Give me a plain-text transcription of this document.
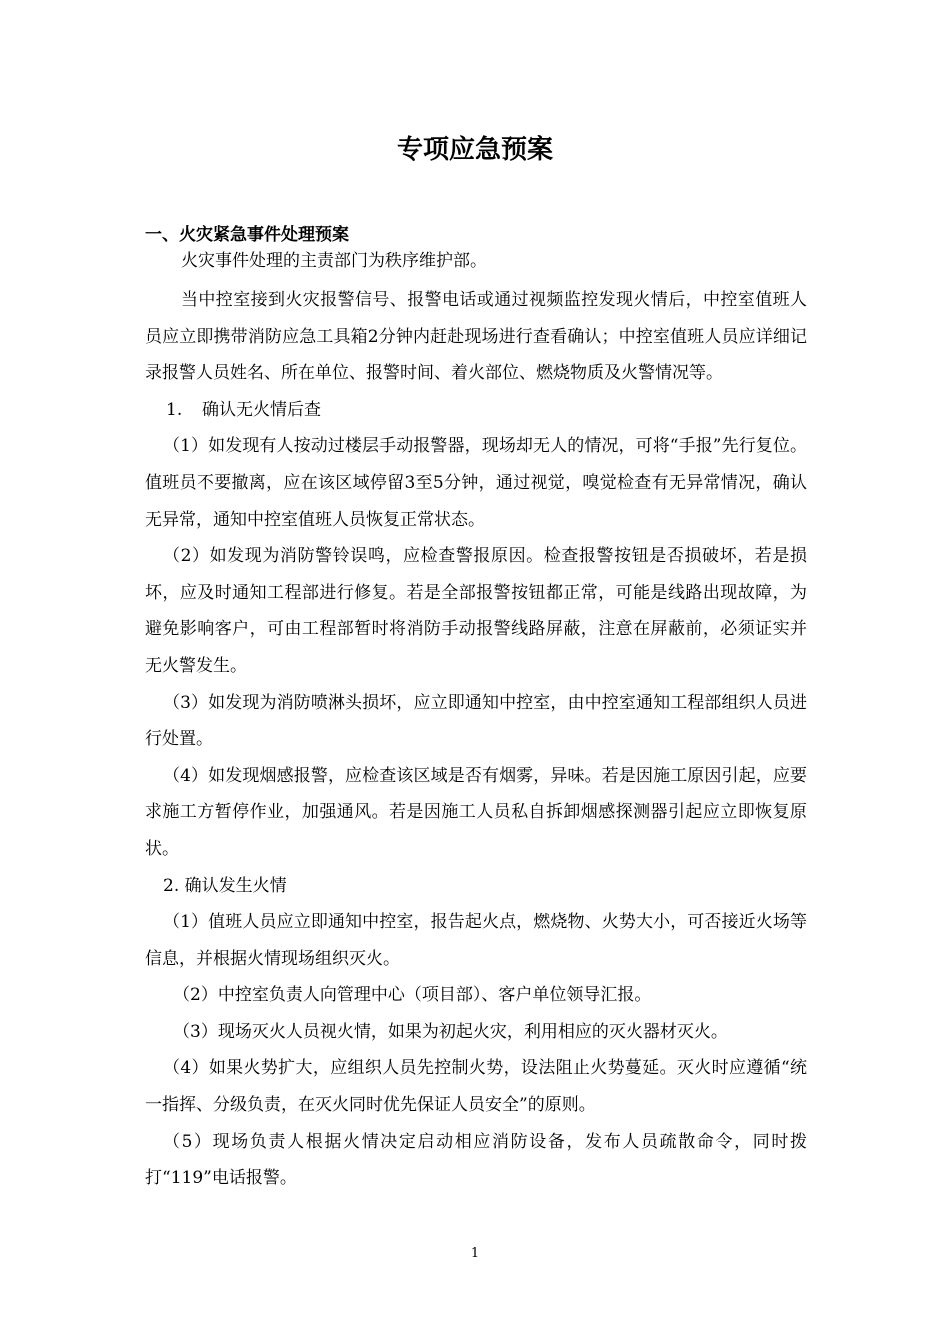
专项应急预案
一、火灾紧急事件处理预案

火灾事件处理的主责部门为秩序维护部。

当中控室接到火灾报警信号、报警电话或通过视频监控发现火情后，中控室值班人员应立即携带消防应急工具箱2分钟内赶赴现场进行查看确认；中控室值班人员应详细记录报警人员姓名、所在单位、报警时间、着火部位、燃烧物质及火警情况等。

1. 确认无火情后查

（1）如发现有人按动过楼层手动报警器，现场却无人的情况，可将“手报”先行复位。值班员不要撤离，应在该区域停留3至5分钟，通过视觉，嗅觉检查有无异常情况，确认无异常，通知中控室值班人员恢复正常状态。

（2）如发现为消防警铃误鸣，应检查警报原因。检查报警按钮是否损破坏，若是损坏，应及时通知工程部进行修复。若是全部报警按钮都正常，可能是线路出现故障，为避免影响客户，可由工程部暂时将消防手动报警线路屏蔽，注意在屏蔽前，必须证实并无火警发生。

（3）如发现为消防喷淋头损坏，应立即通知中控室，由中控室通知工程部组织人员进行处置。

（4）如发现烟感报警，应检查该区域是否有烟雾，异味。若是因施工原因引起，应要求施工方暂停作业，加强通风。若是因施工人员私自拆卸烟感探测器引起应立即恢复原状。

2. 确认发生火情

（1）值班人员应立即通知中控室，报告起火点，燃烧物、火势大小，可否接近火场等信息，并根据火情现场组织灭火。

（2）中控室负责人向管理中心（项目部）、客户单位领导汇报。

（3）现场灭火人员视火情，如果为初起火灾，利用相应的灭火器材灭火。

（4）如果火势扩大，应组织人员先控制火势，设法阻止火势蔓延。灭火时应遵循“统一指挥、分级负责，在灭火同时优先保证人员安全”的原则。

（5）现场负责人根据火情决定启动相应消防设备，发布人员疏散命令，同时拨打“119”电话报警。

1
